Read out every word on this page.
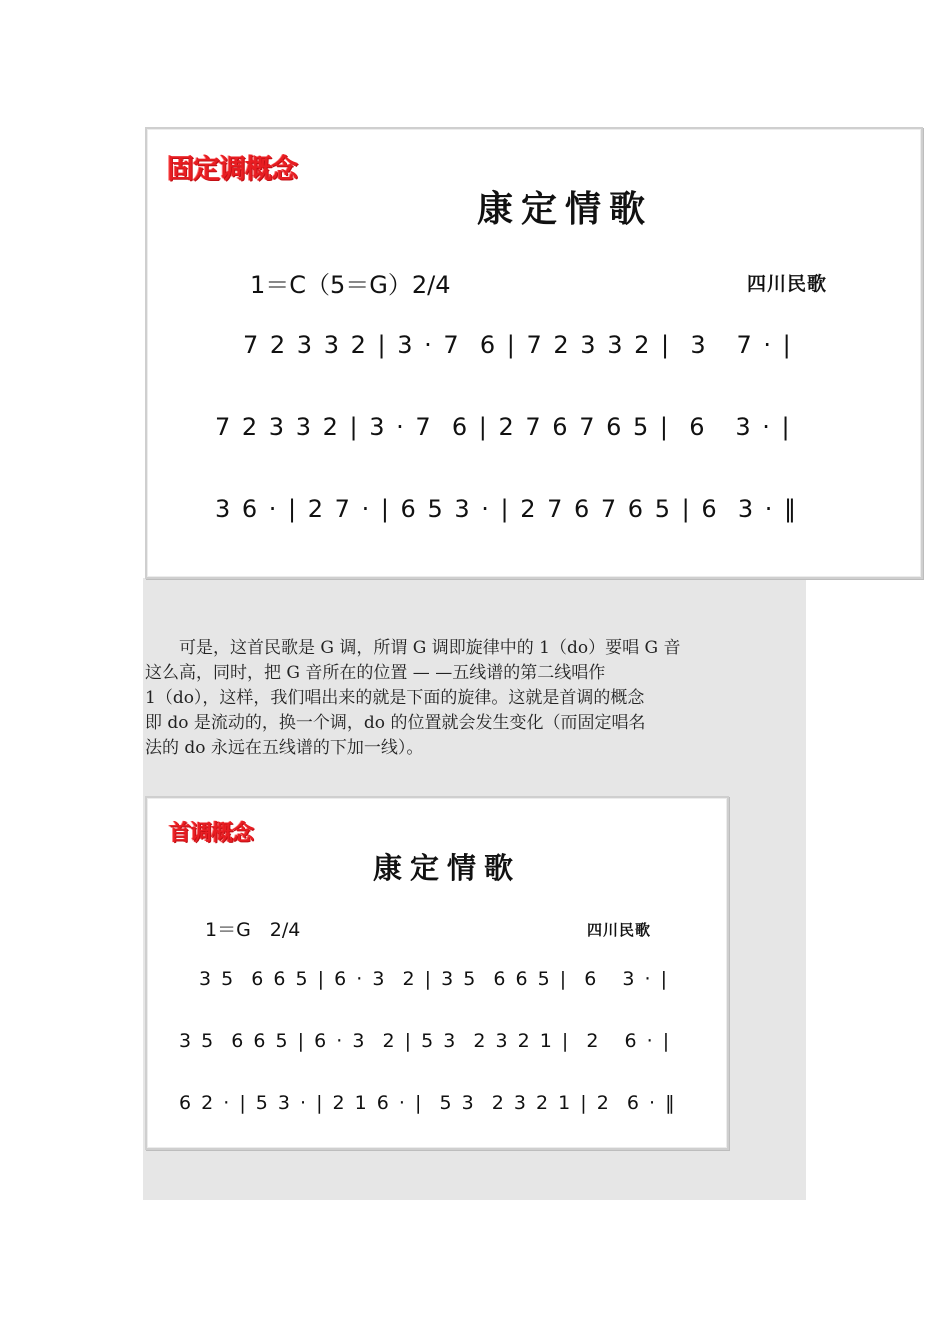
固定调概念
康定情歌
1＝C（5＝G）2/4	四川民歌
7 2 3 3 2 | 3 · 7  6 | 7 2 3 3 2 |  3   7 · |
7 2 3 3 2 | 3 · 7  6 | 2 7 6 7 6 5 |  6   3 · |
3 6 · | 2 7 · | 6 5 3 · | 2 7 6 7 6 5 | 6  3 · ‖

　　可是，这首民歌是 G 调，所谓 G 调即旋律中的 1（do）要唱 G 音

这么高，同时，把 G 音所在的位置 — —五线谱的第二线唱作

1（do），这样，我们唱出来的就是下面的旋律。这就是首调的概念

即 do 是流动的，换一个调，do 的位置就会发生变化（而固定唱名

法的 do 永远在五线谱的下加一线）。

首调概念
康定情歌
1＝G　2/4	四川民歌
3 5  6 6 5 | 6 · 3  2 | 3 5  6 6 5 |  6   3 · |
3 5  6 6 5 | 6 · 3  2 | 5 3  2 3 2 1 |  2   6 · |
6 2 · | 5 3 · | 2 1 6 · |  5 3  2 3 2 1 | 2  6 · ‖
